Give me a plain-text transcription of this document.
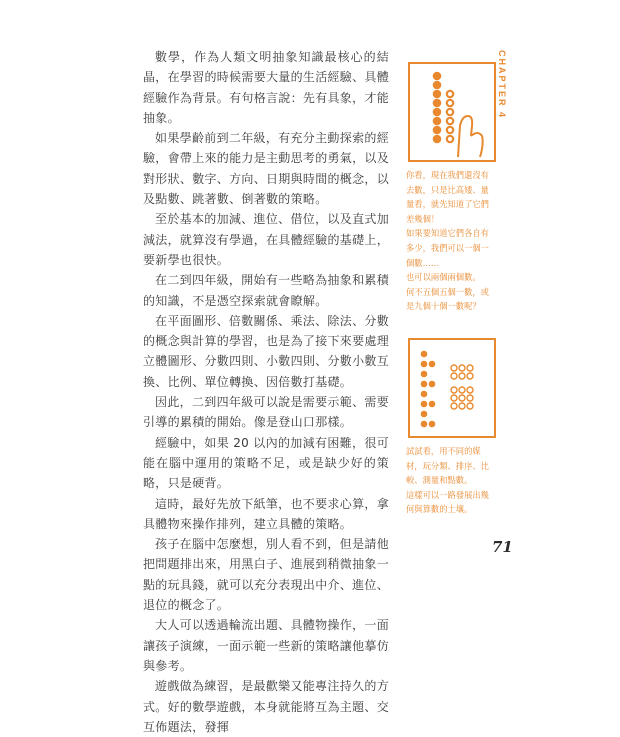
數學，作為人類文明抽象知識最核心的結晶，在學習的時候需要大量的生活經驗、具體經驗作為背景。有句格言說：先有具象，才能抽象。

如果學齡前到二年級，有充分主動探索的經驗，會帶上來的能力是主動思考的勇氣，以及對形狀、數字、方向、日期與時間的概念，以及點數、跳著數、倒著數的策略。

至於基本的加減、進位、借位，以及直式加減法，就算沒有學過，在具體經驗的基礎上，要新學也很快。

在二到四年級，開始有一些略為抽象和累積的知識，不是憑空探索就會瞭解。

在平面圖形、倍數關係、乘法、除法、分數的概念與計算的學習，也是為了接下來要處理立體圖形、分數四則、小數四則、分數小數互換、比例、單位轉換、因倍數打基礎。

因此，二到四年級可以說是需要示範、需要引導的累積的開始。像是登山口那樣。

經驗中，如果 20 以內的加減有困難，很可能在腦中運用的策略不足，或是缺少好的策略，只是硬背。

這時，最好先放下紙筆，也不要求心算，拿具體物來操作排列，建立具體的策略。

孩子在腦中怎麼想，別人看不到，但是請他把問題排出來，用黑白子、進展到稍微抽象一點的玩具錢，就可以充分表現出中介、進位、退位的概念了。

大人可以透過輪流出題、具體物操作，一面讓孩子演練，一面示範一些新的策略讓他摹仿與參考。

遊戲做為練習，是最歡樂又能專注持久的方式。好的數學遊戲，本身就能將互為主題、交互佈題法，發揮

CHAPTER 4
你看，現在我們還沒有
去數，只是比高矮、量
量看，就先知道了它們
差幾個！
如果要知道它們各自有
多少，我們可以一個一
個數……
也可以兩個兩個數。
何不五個五個一數，或
是九個十個一數呢？
試試看，用不同的媒
材，玩分類、排序、比
較、測量和點數。
這樣可以一路發展出幾
何與算數的土壤。
71
